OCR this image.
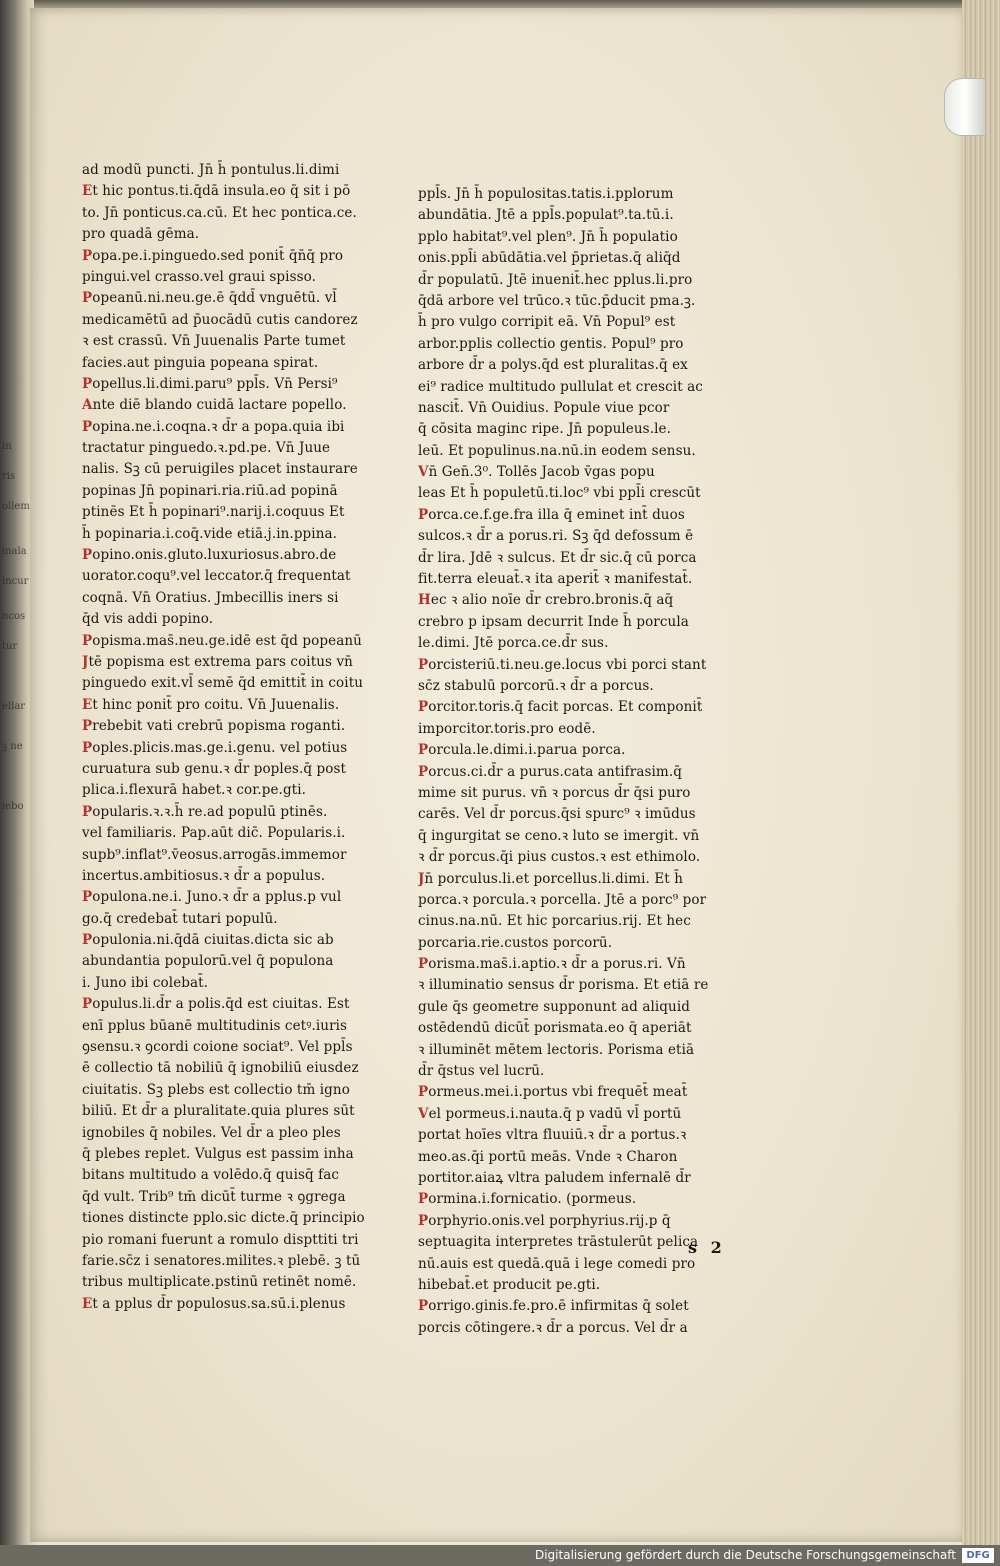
in
ris
ollem
mala
incur
ncos
tur
ellar
ꝫ ne
iebo
ad modũ puncti. Jn̄ h̄ pontulus.li.dimi
Et hic pontus.ti.q̄dā insula.eo q̄ sit i pō
to. Jn̄ ponticus.ca.cū. Et hec pontica.ce.
pro quadā gēma.
Popa.pe.i.pinguedo.sed ponit̄ q̄n̄q̄ pro
pingui.vel crasso.vel graui spisso.
Popeanū.ni.neu.ge.ē q̄dd̄ vnguētū. vl̄
medicamētū ad p̄uocādū cutis candorez
ꝛ est crassū. Vn̄ Juuenalis Parte tumet
facies.aut pinguia popeana spirat.
Popellus.li.dimi.paru⁹ ppl̄s. Vn̄ Persi⁹
Ante diē blando cuidā lactare popello.
Popina.ne.i.coqna.ꝛ d̄r a popa.quia ibi
tractatur pinguedo.ꝛ.pd.pe. Vn̄ Juue
nalis. Sꝫ cū peruigiles placet instaurare
popinas Jn̄ popinari.ria.riū.ad popinā
ptinēs Et h̄ popinari⁹.narij.i.coquus Et
h̄ popinaria.i.coq̄.vide etiā.j.in.ppina.
Popino.onis.gluto.luxuriosus.abro.de
uorator.coqu⁹.vel leccator.q̄ frequentat
coqnā. Vn̄ Oratius. Jmbecillis iners si
q̄d vis addi popino.
Popisma.mas̄.neu.ge.idē est q̄d popeanū
Jtē popisma est extrema pars coitus vn̄
pinguedo exit.vl̄ semē q̄d emittit̄ in coitu
Et hinc ponit̄ pro coitu. Vn̄ Juuenalis.
Prebebit vati crebrū popisma roganti.
Poples.plicis.mas.ge.i.genu. vel potius
curuatura sub genu.ꝛ d̄r poples.q̄ post
plica.i.flexurā habet.ꝛ cor.pe.gti.
Popularis.ꝛ.ꝛ.h̄ re.ad populū ptinēs.
vel familiaris. Pap.aūt dic̄. Popularis.i.
supb⁹.inflat⁹.v̄eosus.arrogās.immemor
incertus.ambitiosus.ꝛ d̄r a populus.
Populona.ne.i. Juno.ꝛ d̄r a pplus.p vul
go.q̄ credebat̄ tutari populū.
Populonia.ni.q̄dā ciuitas.dicta sic ab
abundantia populorū.vel q̄ populona
i. Juno ibi colebat̄.
Populus.li.d̄r a polis.q̄d est ciuitas. Est
enī pplus būanē multitudinis cetꝰ.iuris
ꝯsensu.ꝛ ꝯcordi coione sociat⁹. Vel ppl̄s
ē collectio tā nobiliū q̄ ignobiliū eiusdez
ciuitatis. Sꝫ plebs est collectio tm̄ igno
biliū. Et d̄r a pluralitate.quia plures sūt
ignobiles q̄ nobiles. Vel d̄r a pleo ples
q̄ plebes replet. Vulgus est passim inha
bitans multitudo a volēdo.q̄ quisq̄ fac
q̄d vult. Trib⁹ tm̄ dicūt̄ turme ꝛ ꝯgrega
tiones distincte pplo.sic dicte.q̄ principio
pio romani fuerunt a romulo dispttiti tri
farie.sc̄z i senatores.milites.ꝛ plebē. ꝫ tū
tribus multiplicate.pstinū retinēt nomē.
Et a pplus d̄r populosus.sa.sū.i.plenus
ppl̄s. Jn̄ h̄ populositas.tatis.i.pplorum
abundātia. Jtē a ppl̄s.populat⁹.ta.tū.i.
pplo habitat⁹.vel plen⁹. Jn̄ h̄ populatio
onis.ppl̄i abūdātia.vel p̄prietas.q̄ aliq̄d
d̄r populatū. Jtē inuenit̄.hec pplus.li.pro
q̄dā arbore vel trūco.ꝛ tūc.p̄ducit pma.ꝫ.
h̄ pro vulgo corripit eā. Vn̄ Popul⁹ est
arbor.pplis collectio gentis. Popul⁹ pro
arbore d̄r a polys.q̄d est pluralitas.q̄ ex
ei⁹ radice multitudo pullulat et crescit ac
nascit̄. Vn̄ Ouidius. Popule viue pcor
q̄ cōsita maginc ripe. Jn̄ populeus.le.
leū. Et populinus.na.nū.in eodem sensu.
Vn̄ Gen̄.3⁰. Tollēs Jacob v̄gas popu
leas Et h̄ populetū.ti.loc⁹ vbi ppl̄i crescūt
Porca.ce.f.ge.fra illa q̄ eminet int̄ duos
sulcos.ꝛ d̄r a porus.ri. Sꝫ q̄d defossum ē
d̄r lira. Jdē ꝛ sulcus. Et d̄r sic.q̄ cū porca
fit.terra eleuat̄.ꝛ ita aperit̄ ꝛ manifestat̄.
Hec ꝛ alio noīe d̄r crebro.bronis.q̄ aq̄
crebro p ipsam decurrit Inde h̄ porcula
le.dimi. Jtē porca.ce.d̄r sus.
Porcisteriū.ti.neu.ge.locus vbi porci stant
sc̄z stabulū porcorū.ꝛ d̄r a porcus.
Porcitor.toris.q̄ facit porcas. Et componit̄
imporcitor.toris.pro eodē.
Porcula.le.dimi.i.parua porca.
Porcus.ci.d̄r a purus.cata antifrasim.q̄
mime sit purus. vn̄ ꝛ porcus d̄r q̄si puro
carēs. Vel d̄r porcus.q̄si spurc⁹ ꝛ imūdus
q̄ ingurgitat se ceno.ꝛ luto se imergit. vn̄
ꝛ d̄r porcus.q̄i pius custos.ꝛ est ethimolo.
Jn̄ porculus.li.et porcellus.li.dimi. Et h̄
porca.ꝛ porcula.ꝛ porcella. Jtē a porc⁹ por
cinus.na.nū. Et hic porcarius.rij. Et hec
porcaria.rie.custos porcorū.
Porisma.mas̄.i.aptio.ꝛ d̄r a porus.ri. Vn̄
ꝛ illuminatio sensus d̄r porisma. Et etiā re
gule q̄s geometre supponunt ad aliquid
ostēdendū dicūt̄ porismata.eo q̄ aperiāt
ꝛ illuminēt mētem lectoris. Porisma etiā
d̄r q̄stus vel lucrū.
Pormeus.mei.i.portus vbi frequēt̄ meat̄
Vel pormeus.i.nauta.q̄ p vadū vl̄ portū
portat hoīes vltra fluuiū.ꝛ d̄r a portus.ꝛ
meo.as.q̄i portū meās. Vnde ꝛ Charon
portitor.aiaꝝ vltra paludem infernalē d̄r
Pormina.i.fornicatio. (pormeus.
Porphyrio.onis.vel porphyrius.rij.p q̄
septuagita interpretes trāstulerūt pelica
nū.auis est quedā.quā i lege comedi pro
hibebat̄.et producit pe.gti.
Porrigo.ginis.fe.pro.ē infirmitas q̄ solet
porcis cōtingere.ꝛ d̄r a porcus. Vel d̄r a
s 2
Digitalisierung gefördert durch die Deutsche Forschungsgemeinschaft	DFG
